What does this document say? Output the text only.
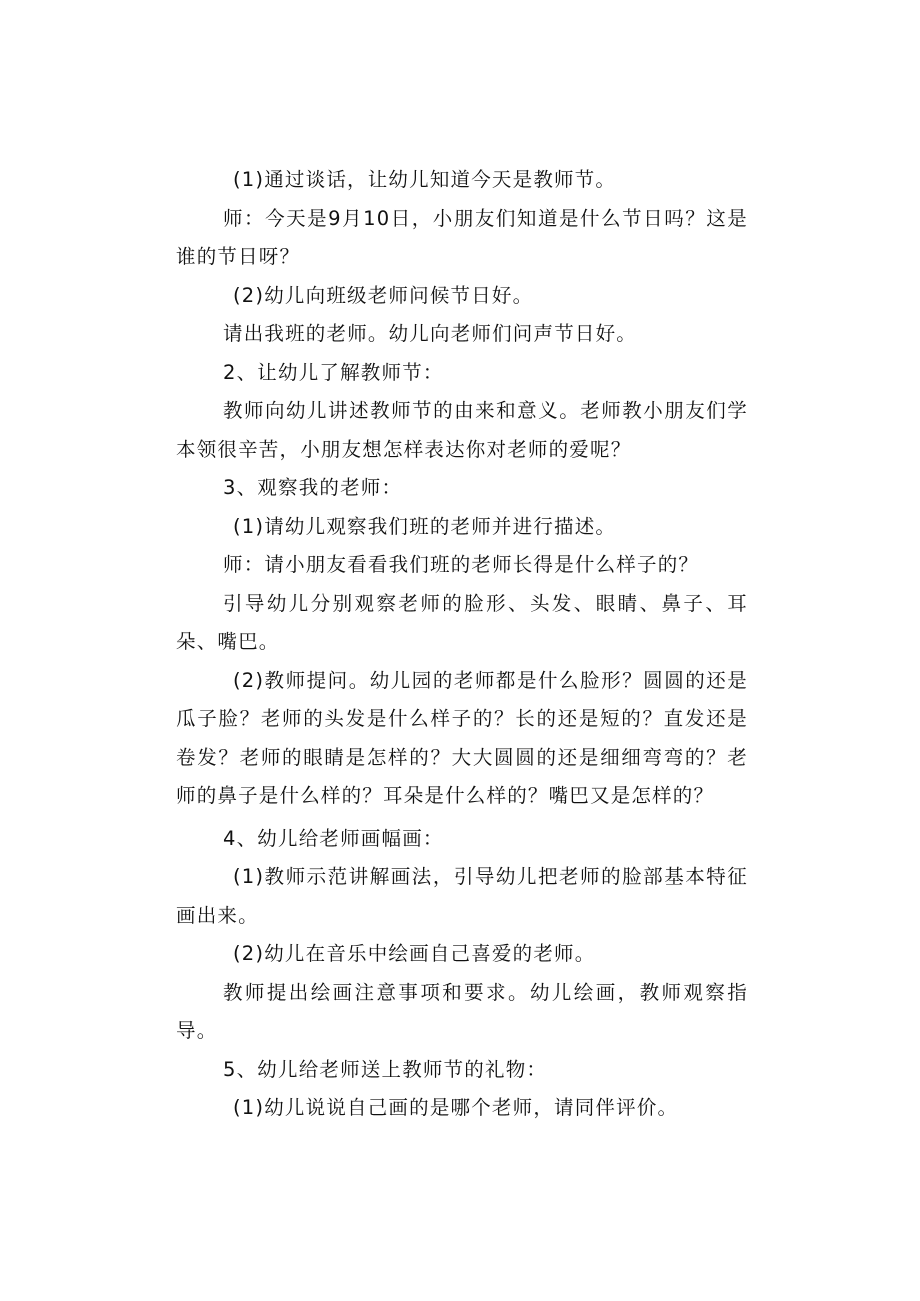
(1)通过谈话，让幼儿知道今天是教师节。

师：今天是9月10日，小朋友们知道是什么节日吗？这是谁的节日呀？

(2)幼儿向班级老师问候节日好。

请出我班的老师。幼儿向老师们问声节日好。

2、让幼儿了解教师节：

教师向幼儿讲述教师节的由来和意义。老师教小朋友们学本领很辛苦，小朋友想怎样表达你对老师的爱呢？

3、观察我的老师：

(1)请幼儿观察我们班的老师并进行描述。

师：请小朋友看看我们班的老师长得是什么样子的？

引导幼儿分别观察老师的脸形、头发、眼睛、鼻子、耳朵、嘴巴。

(2)教师提问。幼儿园的老师都是什么脸形？圆圆的还是瓜子脸？老师的头发是什么样子的？长的还是短的？直发还是卷发？老师的眼睛是怎样的？大大圆圆的还是细细弯弯的？老师的鼻子是什么样的？耳朵是什么样的？嘴巴又是怎样的？

4、幼儿给老师画幅画：

(1)教师示范讲解画法，引导幼儿把老师的脸部基本特征画出来。

(2)幼儿在音乐中绘画自己喜爱的老师。

教师提出绘画注意事项和要求。幼儿绘画，教师观察指导。

5、幼儿给老师送上教师节的礼物：

(1)幼儿说说自己画的是哪个老师，请同伴评价。
